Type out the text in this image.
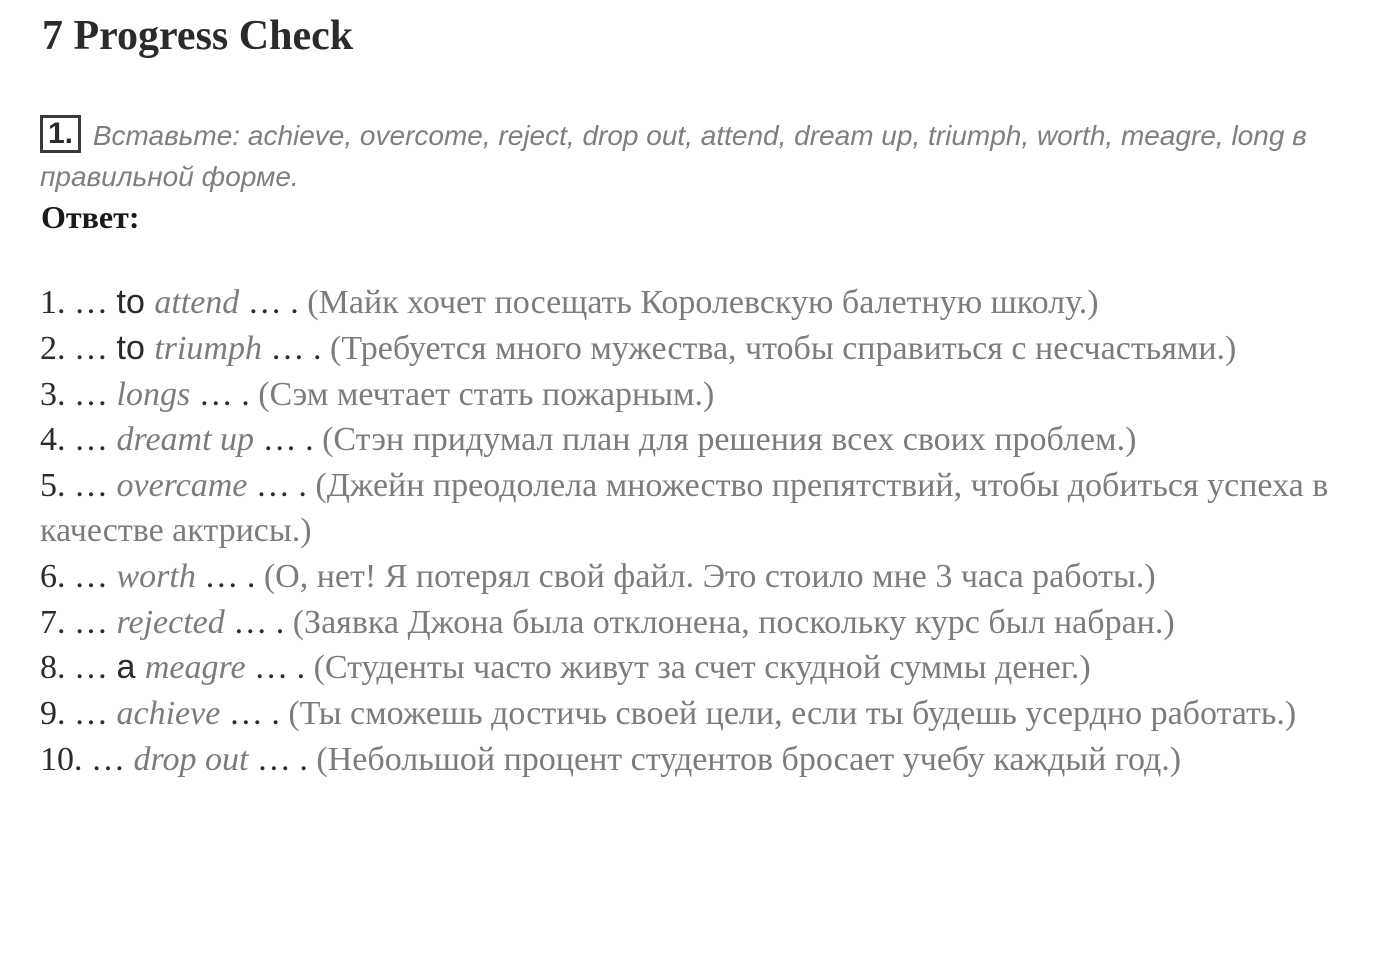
7 Progress Check
1. Вставьте: achieve, overcome, reject, drop out, attend, dream up, triumph, worth, meagre, long в правильной форме.
Ответ:
1. … to attend … . (Майк хочет посещать Королевскую балетную школу.)
2. … to triumph … . (Требуется много мужества, чтобы справиться с несчастьями.)
3. … longs … . (Сэм мечтает стать пожарным.)
4. … dreamt up … . (Стэн придумал план для решения всех своих проблем.)
5. … overcame … . (Джейн преодолела множество препятствий, чтобы добиться успеха в качестве актрисы.)
6. … worth … . (О, нет! Я потерял свой файл. Это стоило мне 3 часа работы.)
7. … rejected … . (Заявка Джона была отклонена, поскольку курс был набран.)
8. … a meagre … . (Студенты часто живут за счет скудной суммы денег.)
9. … achieve … . (Ты сможешь достичь своей цели, если ты будешь усердно работать.)
10. … drop out … . (Небольшой процент студентов бросает учебу каждый год.)
